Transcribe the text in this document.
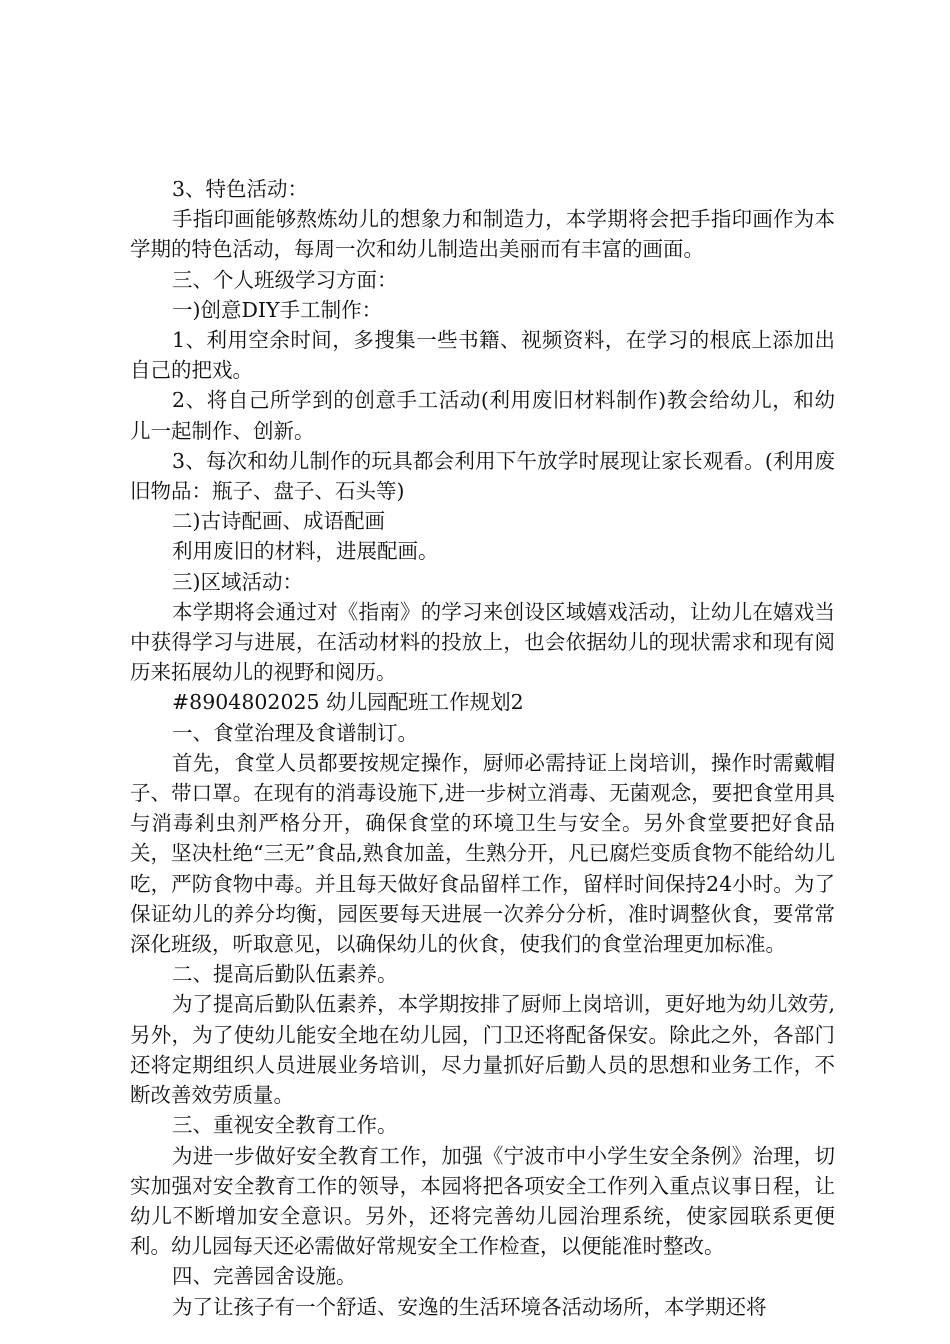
3、特色活动：

手指印画能够熬炼幼儿的想象力和制造力，本学期将会把手指印画作为本学期的特色活动，每周一次和幼儿制造出美丽而有丰富的画面。

三、个人班级学习方面：

一)创意DIY手工制作：

1、利用空余时间，多搜集一些书籍、视频资料，在学习的根底上添加出自己的把戏。

2、将自己所学到的创意手工活动(利用废旧材料制作)教会给幼儿，和幼儿一起制作、创新。

3、每次和幼儿制作的玩具都会利用下午放学时展现让家长观看。(利用废旧物品：瓶子、盘子、石头等)

二)古诗配画、成语配画

利用废旧的材料，进展配画。

三)区域活动：

本学期将会通过对《指南》的学习来创设区域嬉戏活动，让幼儿在嬉戏当中获得学习与进展，在活动材料的投放上，也会依据幼儿的现状需求和现有阅历来拓展幼儿的视野和阅历。

#8904802025 幼儿园配班工作规划2

一、食堂治理及食谱制订。

首先，食堂人员都要按规定操作，厨师必需持证上岗培训，操作时需戴帽子、带口罩。在现有的消毒设施下,进一步树立消毒、无菌观念，要把食堂用具与消毒剎虫剂严格分开，确保食堂的环境卫生与安全。另外食堂要把好食品关，坚决杜绝“三无”食品,熟食加盖，生熟分开，凡已腐烂变质食物不能给幼儿吃，严防食物中毒。并且每天做好食品留样工作，留样时间保持24小时。为了保证幼儿的养分均衡，园医要每天进展一次养分分析，准时调整伙食，要常常深化班级，听取意见，以确保幼儿的伙食，使我们的食堂治理更加标准。

二、提高后勤队伍素养。

为了提高后勤队伍素养，本学期按排了厨师上岗培训，更好地为幼儿效劳,另外，为了使幼儿能安全地在幼儿园，门卫还将配备保安。除此之外，各部门还将定期组织人员进展业务培训，尽力量抓好后勤人员的思想和业务工作，不断改善效劳质量。

三、重视安全教育工作。

为进一步做好安全教育工作，加强《宁波市中小学生安全条例》治理，切实加强对安全教育工作的领导，本园将把各项安全工作列入重点议事日程，让幼儿不断增加安全意识。另外，还将完善幼儿园治理系统，使家园联系更便利。幼儿园每天还必需做好常规安全工作检查，以便能准时整改。

四、完善园舍设施。

为了让孩子有一个舒适、安逸的生活环境各活动场所，本学期还将
